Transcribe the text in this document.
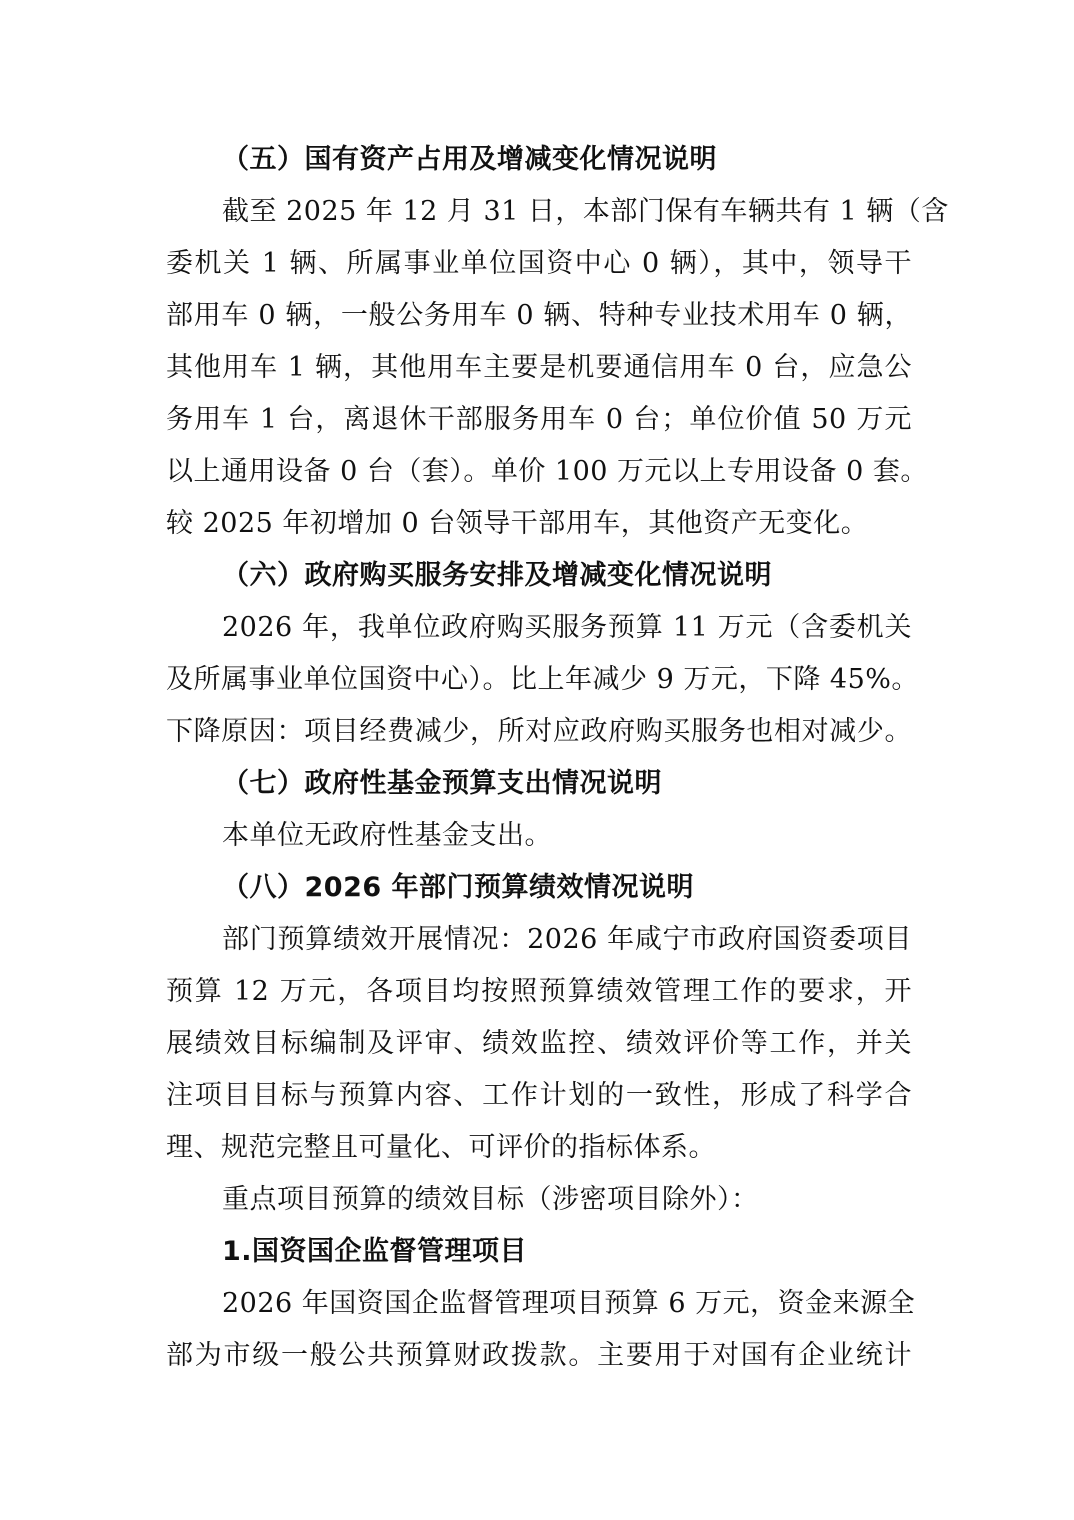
（五）国有资产占用及增减变化情况说明
截至 2025 年 12 月 31 日，本部门保有车辆共有 1 辆（含
委机关 1 辆、所属事业单位国资中心 0 辆），其中，领导干
部用车 0 辆，一般公务用车 0 辆、特种专业技术用车 0 辆，
其他用车 1 辆，其他用车主要是机要通信用车 0 台，应急公
务用车 1 台，离退休干部服务用车 0 台；单位价值 50 万元
以上通用设备 0 台（套）。单价 100 万元以上专用设备 0 套。
较 2025 年初增加 0 台领导干部用车，其他资产无变化。
（六）政府购买服务安排及增减变化情况说明
2026 年，我单位政府购买服务预算 11 万元（含委机关
及所属事业单位国资中心）。比上年减少 9 万元，下降 45%。
下降原因：项目经费减少，所对应政府购买服务也相对减少。
（七）政府性基金预算支出情况说明
本单位无政府性基金支出。
（八）2026 年部门预算绩效情况说明
部门预算绩效开展情况：2026 年咸宁市政府国资委项目
预算 12 万元，各项目均按照预算绩效管理工作的要求，开
展绩效目标编制及评审、绩效监控、绩效评价等工作，并关
注项目目标与预算内容、工作计划的一致性，形成了科学合
理、规范完整且可量化、可评价的指标体系。
重点项目预算的绩效目标（涉密项目除外）：
1.国资国企监督管理项目
2026 年国资国企监督管理项目预算 6 万元，资金来源全
部为市级一般公共预算财政拨款。主要用于对国有企业统计
